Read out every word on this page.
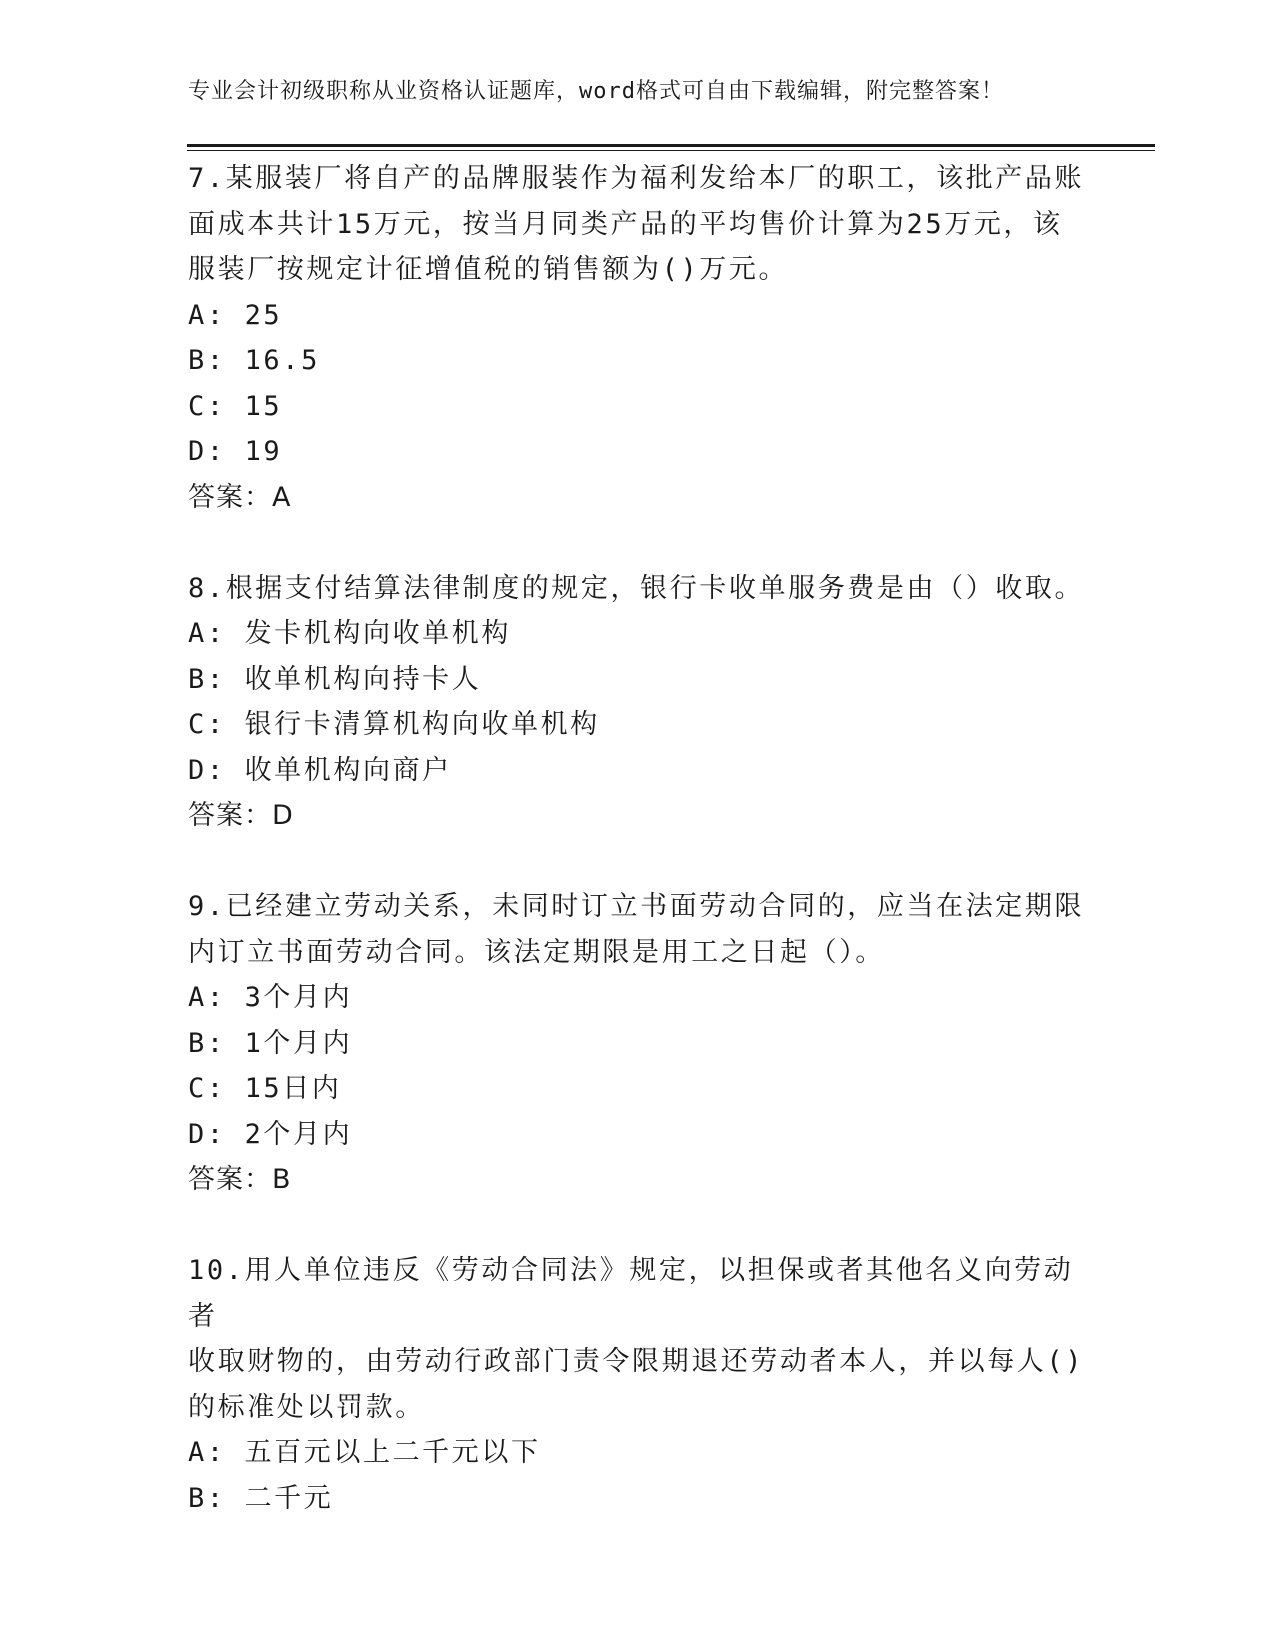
专业会计初级职称从业资格认证题库，word格式可自由下载编辑，附完整答案！

7.某服装厂将自产的品牌服装作为福利发给本厂的职工，该批产品账

面成本共计15万元，按当月同类产品的平均售价计算为25万元，该

服装厂按规定计征增值税的销售额为()万元。

A: 25

B: 16.5

C: 15

D: 19

答案：A

8.根据支付结算法律制度的规定，银行卡收单服务费是由（）收取。

A: 发卡机构向收单机构

B: 收单机构向持卡人

C: 银行卡清算机构向收单机构

D: 收单机构向商户

答案：D

9.已经建立劳动关系，未同时订立书面劳动合同的，应当在法定期限

内订立书面劳动合同。该法定期限是用工之日起（）。

A: 3个月内

B: 1个月内

C: 15日内

D: 2个月内

答案：B

10.用人单位违反《劳动合同法》规定，以担保或者其他名义向劳动者

收取财物的，由劳动行政部门责令限期退还劳动者本人，并以每人()

的标准处以罚款。

A: 五百元以上二千元以下

B: 二千元
